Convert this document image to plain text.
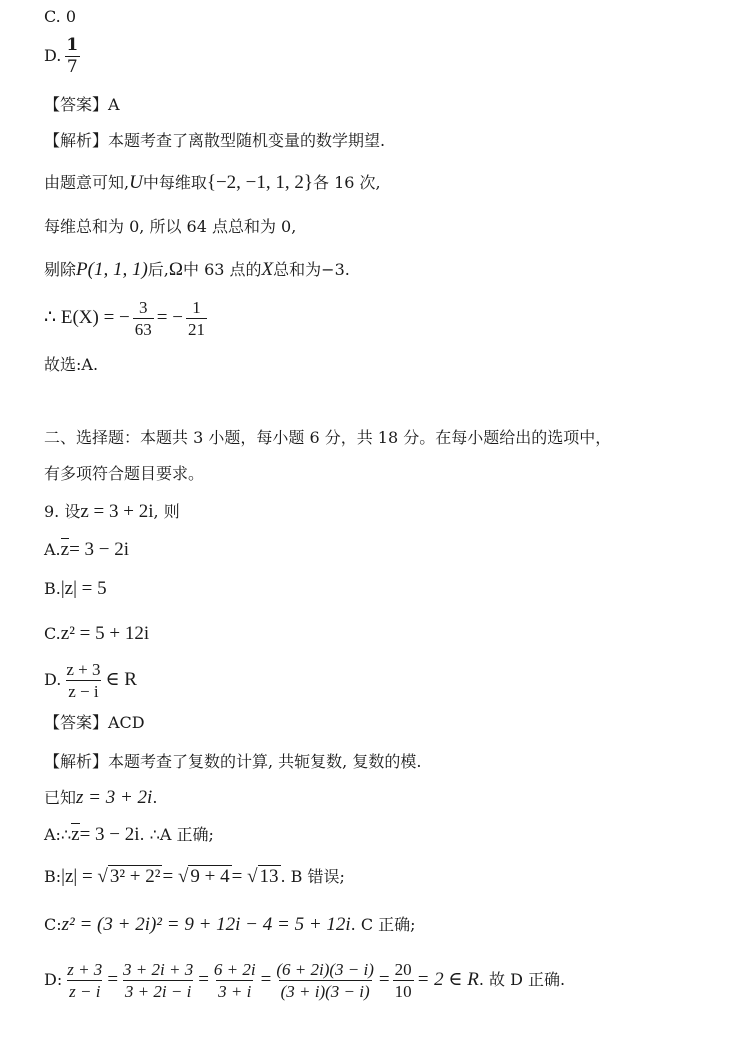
C. 0
D. $\frac{1}{7}$
【答案】A
【解析】本题考查了离散型随机变量的数学期望.
由题意可知,U中每维取{−2, −1, 1, 2}各 16 次,
每维总和为 0, 所以 64 点总和为 0,
剔除P(1, 1, 1)后,Ω中 63 点的X总和为−3.
∴ E(X) = − $\frac{3}{63}$ = − $\frac{1}{21}$
故选:A.
二、选择题：本题共 3 小题，每小题 6 分，共 18 分。在每小题给出的选项中，
有多项符合题目要求。
9. 设z = 3 + 2i, 则
A.z= 3 − 2i
B.|z| = 5
C.z² = 5 + 12i
D. $\frac{z + 3}{z - i}$ ∈ R
【答案】ACD
【解析】本题考查了复数的计算, 共轭复数, 复数的模.
已知z = 3 + 2i.
A:∴z= 3 − 2i. ∴A 正确;
B:|z| = √ 3² + 2² = √ 9 + 4 = √ 13 . B 错误;
C:z² = (3 + 2i)² = 9 + 12i − 4 = 5 + 12i. C 正确;
D: $\frac{z + 3}{z - i} = \frac{3 + 2i + 3}{3 + 2i - i} = \frac{6 + 2i}{3 + i} = \frac{(6 + 2i)(3 - i)}{(3 + i)(3 - i)} = \frac{20}{10} = 2$ ∈ R. 故 D 正确.
